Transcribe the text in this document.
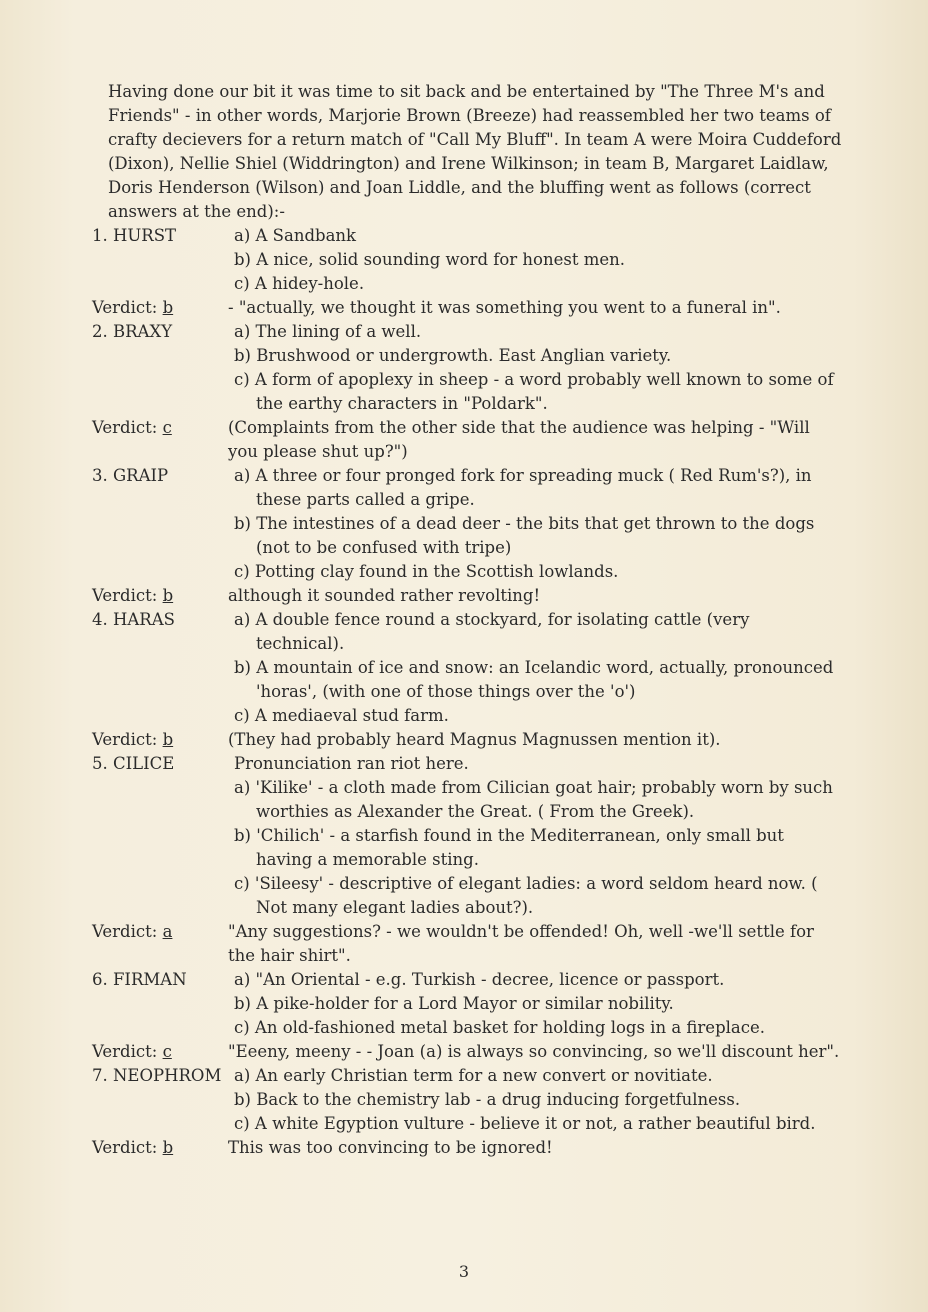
Having done our bit it was time to sit back and be entertained by "The Three M's and Friends" - in other words, Marjorie Brown (Breeze) had reassembled her two teams of crafty decievers for a return match of "Call My Bluff". In team A were Moira Cuddeford (Dixon), Nellie Shiel (Widdrington) and Irene Wilkinson; in team B, Margaret Laidlaw, Doris Henderson (Wilson) and Joan Liddle, and the bluffing went as follows (correct answers at the end):-

1. HURST	a) A Sandbank
b) A nice, solid sounding word for honest men.
c) A hidey-hole.
Verdict: b	- "actually, we thought it was something you went to a funeral in".
2. BRAXY	a) The lining of a well.
b) Brushwood or undergrowth. East Anglian variety.
c) A form of apoplexy in sheep - a word probably well known to some of the earthy characters in "Poldark".
Verdict: c	(Complaints from the other side that the audience was helping - "Will you please shut up?")
3. GRAIP	a) A three or four pronged fork for spreading muck ( Red Rum's?), in these parts called a gripe.
b) The intestines of a dead deer - the bits that get thrown to the dogs (not to be confused with tripe)
c) Potting clay found in the Scottish lowlands.
Verdict: b	although it sounded rather revolting!
4. HARAS	a) A double fence round a stockyard, for isolating cattle (very technical).
b) A mountain of ice and snow: an Icelandic word, actually, pronounced 'horas', (with one of those things over the 'o')
c) A mediaeval stud farm.
Verdict: b	(They had probably heard Magnus Magnussen mention it).
5. CILICE	Pronunciation ran riot here.
a) 'Kilike' - a cloth made from Cilician goat hair; probably worn by such worthies as Alexander the Great. ( From the Greek).
b) 'Chilich' - a starfish found in the Mediterranean, only small but having a memorable sting.
c) 'Sileesy' - descriptive of elegant ladies: a word seldom heard now. ( Not many elegant ladies about?).
Verdict: a	"Any suggestions? - we wouldn't be offended! Oh, well -we'll settle for the hair shirt".
6. FIRMAN	a) "An Oriental - e.g. Turkish - decree, licence or passport.
b) A pike-holder for a Lord Mayor or similar nobility.
c) An old-fashioned metal basket for holding logs in a fireplace.
Verdict: c	"Eeeny, meeny - - Joan (a) is always so convincing, so we'll discount her".
7. NEOPHROM a) An early Christian term for a new convert or novitiate.
b) Back to the chemistry lab - a drug inducing forgetfulness.
c) A white Egyption vulture - believe it or not, a rather beautiful bird.
Verdict: b	This was too convincing to be ignored!
3
